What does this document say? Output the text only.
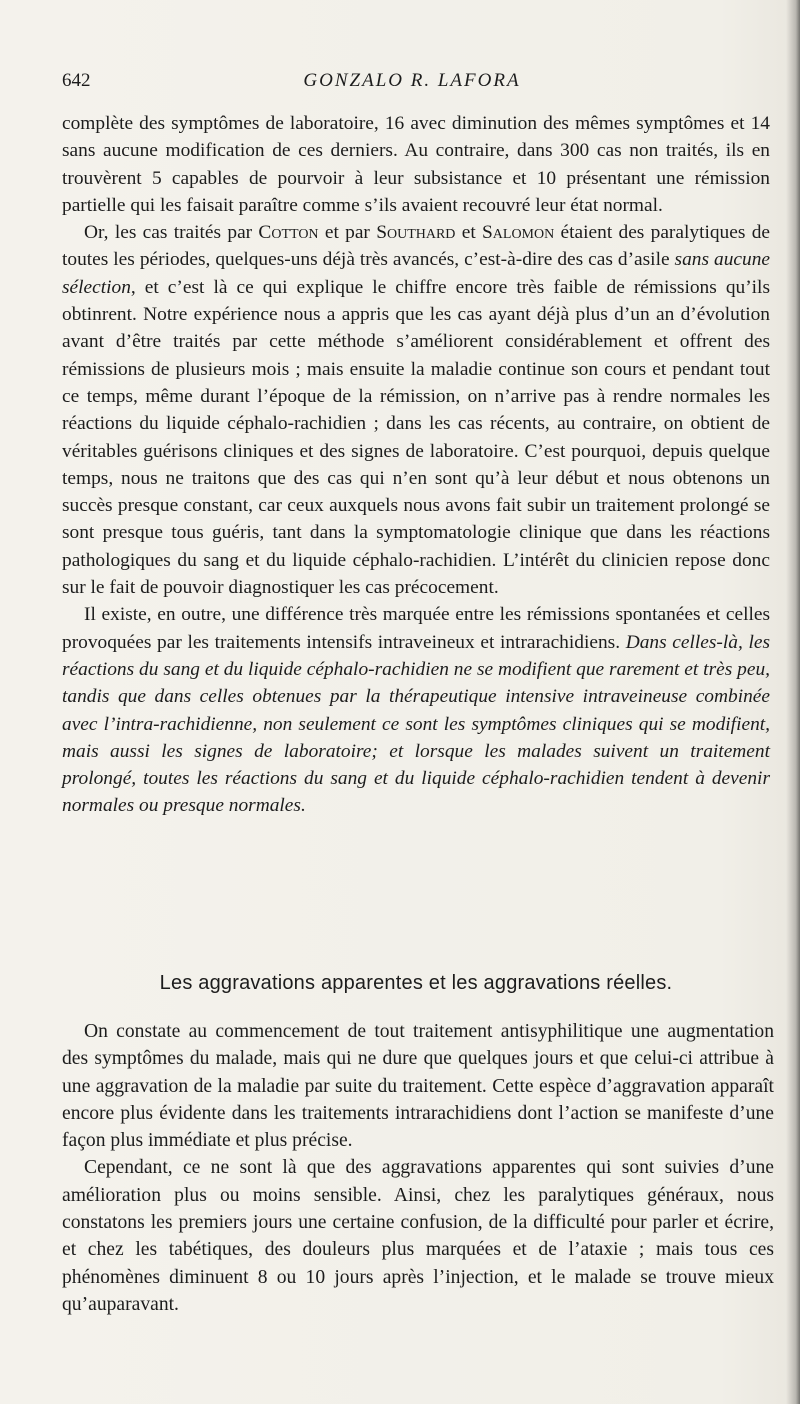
642	GONZALO R. LAFORA

complète des symptômes de laboratoire, 16 avec diminution des mêmes symptômes et 14 sans aucune modification de ces derniers. Au contraire, dans 300 cas non traités, ils en trouvèrent 5 capables de pourvoir à leur subsistance et 10 présentant une rémission partielle qui les faisait paraître comme s’ils avaient recouvré leur état normal.

Or, les cas traités par Cotton et par Southard et Salomon étaient des paralytiques de toutes les périodes, quelques-uns déjà très avancés, c’est-à-dire des cas d’asile sans aucune sélection, et c’est là ce qui explique le chiffre encore très faible de rémissions qu’ils obtinrent. Notre expérience nous a appris que les cas ayant déjà plus d’un an d’évolution avant d’être traités par cette méthode s’améliorent considérablement et offrent des rémissions de plusieurs mois ; mais ensuite la maladie continue son cours et pendant tout ce temps, même durant l’époque de la rémission, on n’arrive pas à rendre normales les réactions du liquide céphalo-rachidien ; dans les cas récents, au contraire, on obtient de véritables guérisons cliniques et des signes de laboratoire. C’est pourquoi, depuis quelque temps, nous ne traitons que des cas qui n’en sont qu’à leur début et nous obtenons un succès presque constant, car ceux auxquels nous avons fait subir un traitement prolongé se sont presque tous guéris, tant dans la symptomatologie clinique que dans les réactions pathologiques du sang et du liquide céphalo-rachidien. L’intérêt du clinicien repose donc sur le fait de pouvoir diagnostiquer les cas précocement.

Il existe, en outre, une différence très marquée entre les rémissions spontanées et celles provoquées par les traitements intensifs intraveineux et intrarachidiens. Dans celles-là, les réactions du sang et du liquide céphalo-rachidien ne se modifient que rarement et très peu, tandis que dans celles obtenues par la thérapeutique intensive intraveineuse combinée avec l’intra-rachidienne, non seulement ce sont les symptômes cliniques qui se modifient, mais aussi les signes de laboratoire; et lorsque les malades suivent un traitement prolongé, toutes les réactions du sang et du liquide céphalo-rachidien tendent à devenir normales ou presque normales.

Les aggravations apparentes et les aggravations réelles.

On constate au commencement de tout traitement antisyphilitique une augmentation des symptômes du malade, mais qui ne dure que quelques jours et que celui-ci attribue à une aggravation de la maladie par suite du traitement. Cette espèce d’aggravation apparaît encore plus évidente dans les traitements intrarachidiens dont l’action se manifeste d’une façon plus immédiate et plus précise.

Cependant, ce ne sont là que des aggravations apparentes qui sont suivies d’une amélioration plus ou moins sensible. Ainsi, chez les paralytiques généraux, nous constatons les premiers jours une certaine confusion, de la difficulté pour parler et écrire, et chez les tabétiques, des douleurs plus marquées et de l’ataxie ; mais tous ces phénomènes diminuent 8 ou 10 jours après l’injection, et le malade se trouve mieux qu’auparavant.
